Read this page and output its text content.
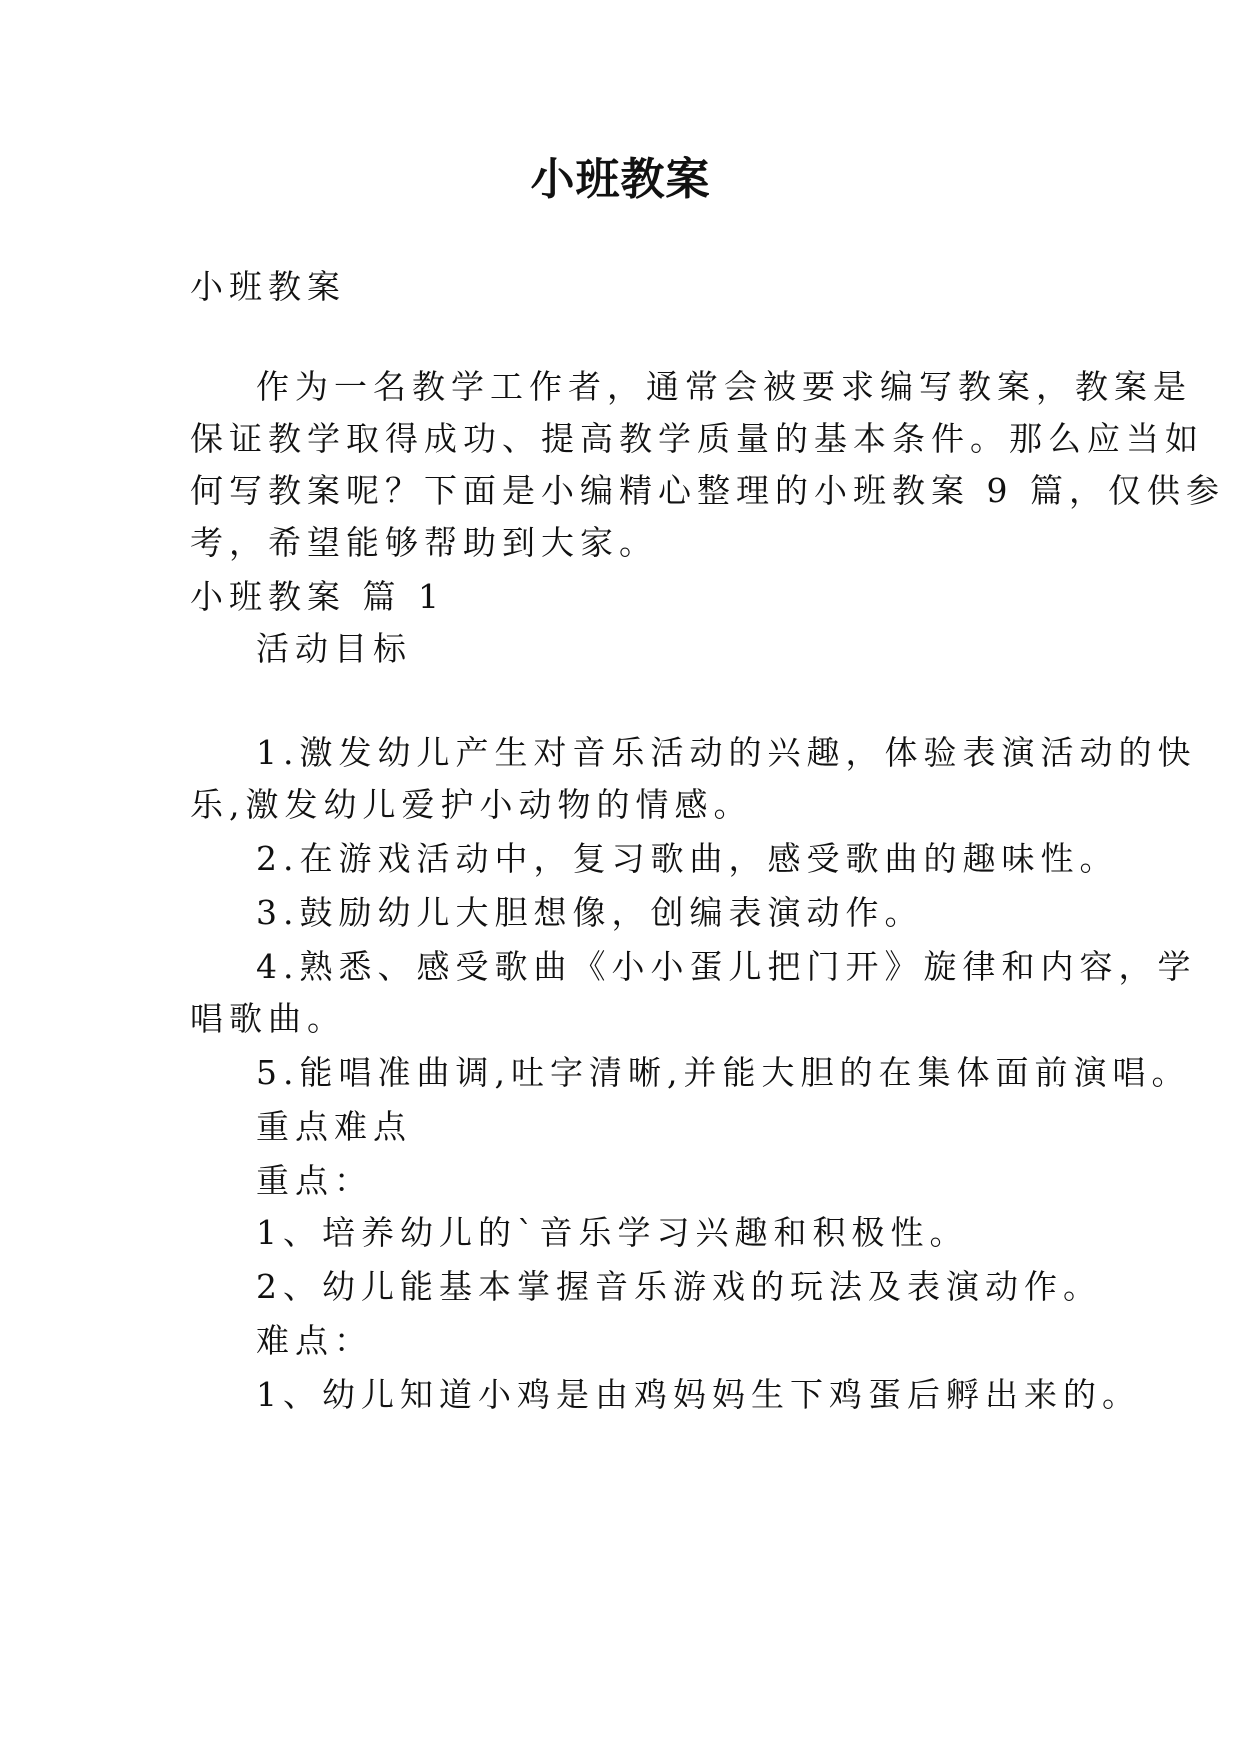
小班教案

小班教案

作为一名教学工作者，通常会被要求编写教案，教案是

保证教学取得成功、提高教学质量的基本条件。那么应当如

何写教案呢？下面是小编精心整理的小班教案 9 篇，仅供参

考，希望能够帮助到大家。

小班教案 篇 1

活动目标

1.激发幼儿产生对音乐活动的兴趣，体验表演活动的快

乐,激发幼儿爱护小动物的情感。

2.在游戏活动中，复习歌曲，感受歌曲的趣味性。

3.鼓励幼儿大胆想像，创编表演动作。

4.熟悉、感受歌曲《小小蛋儿把门开》旋律和内容，学

唱歌曲。

5.能唱准曲调,吐字清晰,并能大胆的在集体面前演唱。

重点难点

重点：

1、培养幼儿的`音乐学习兴趣和积极性。

2、幼儿能基本掌握音乐游戏的玩法及表演动作。

难点：

1、幼儿知道小鸡是由鸡妈妈生下鸡蛋后孵出来的。
